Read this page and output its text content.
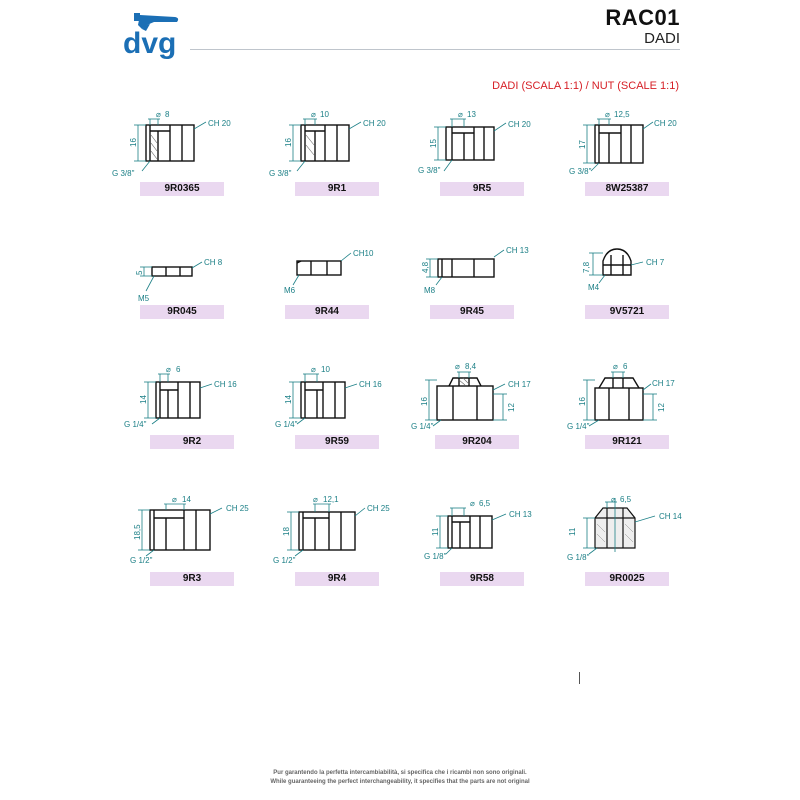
dvg
RAC01
DADI
DADI (SCALA 1:1) / NUT (SCALE 1:1)
⌀ 8
CH 20
16
G 3/8"
9R0365
⌀ 10
CH 20
16
G 3/8"
9R1
⌀ 13
CH 20
15
G 3/8"
9R5
⌀ 12,5
CH 20
17
G 3/8"
8W25387
CH 8
5
M5
9R045
CH10
M6
9R44
CH 13
4,8
M8
9R45
CH 7
7,8
M4
9V5721
⌀ 6
CH 16
14
G 1/4"
9R2
⌀ 10
CH 16
14
G 1/4"
9R59
⌀ 8,4
CH 17
16
12
G 1/4"
9R204
⌀ 6
CH 17
16
12
G 1/4"
9R121
⌀ 14
CH 25
18,5
G 1/2"
9R3
⌀ 12,1
CH 25
18
G 1/2"
9R4
⌀ 6,5
CH 13
11
G 1/8"
9R58
⌀ 6,5
CH 14
11
G 1/8"
9R0025
Pur garantendo la perfetta intercambiabilità, si specifica che i ricambi non sono originali.
While guaranteeing the perfect interchangeability, it specifies that the parts are not original
